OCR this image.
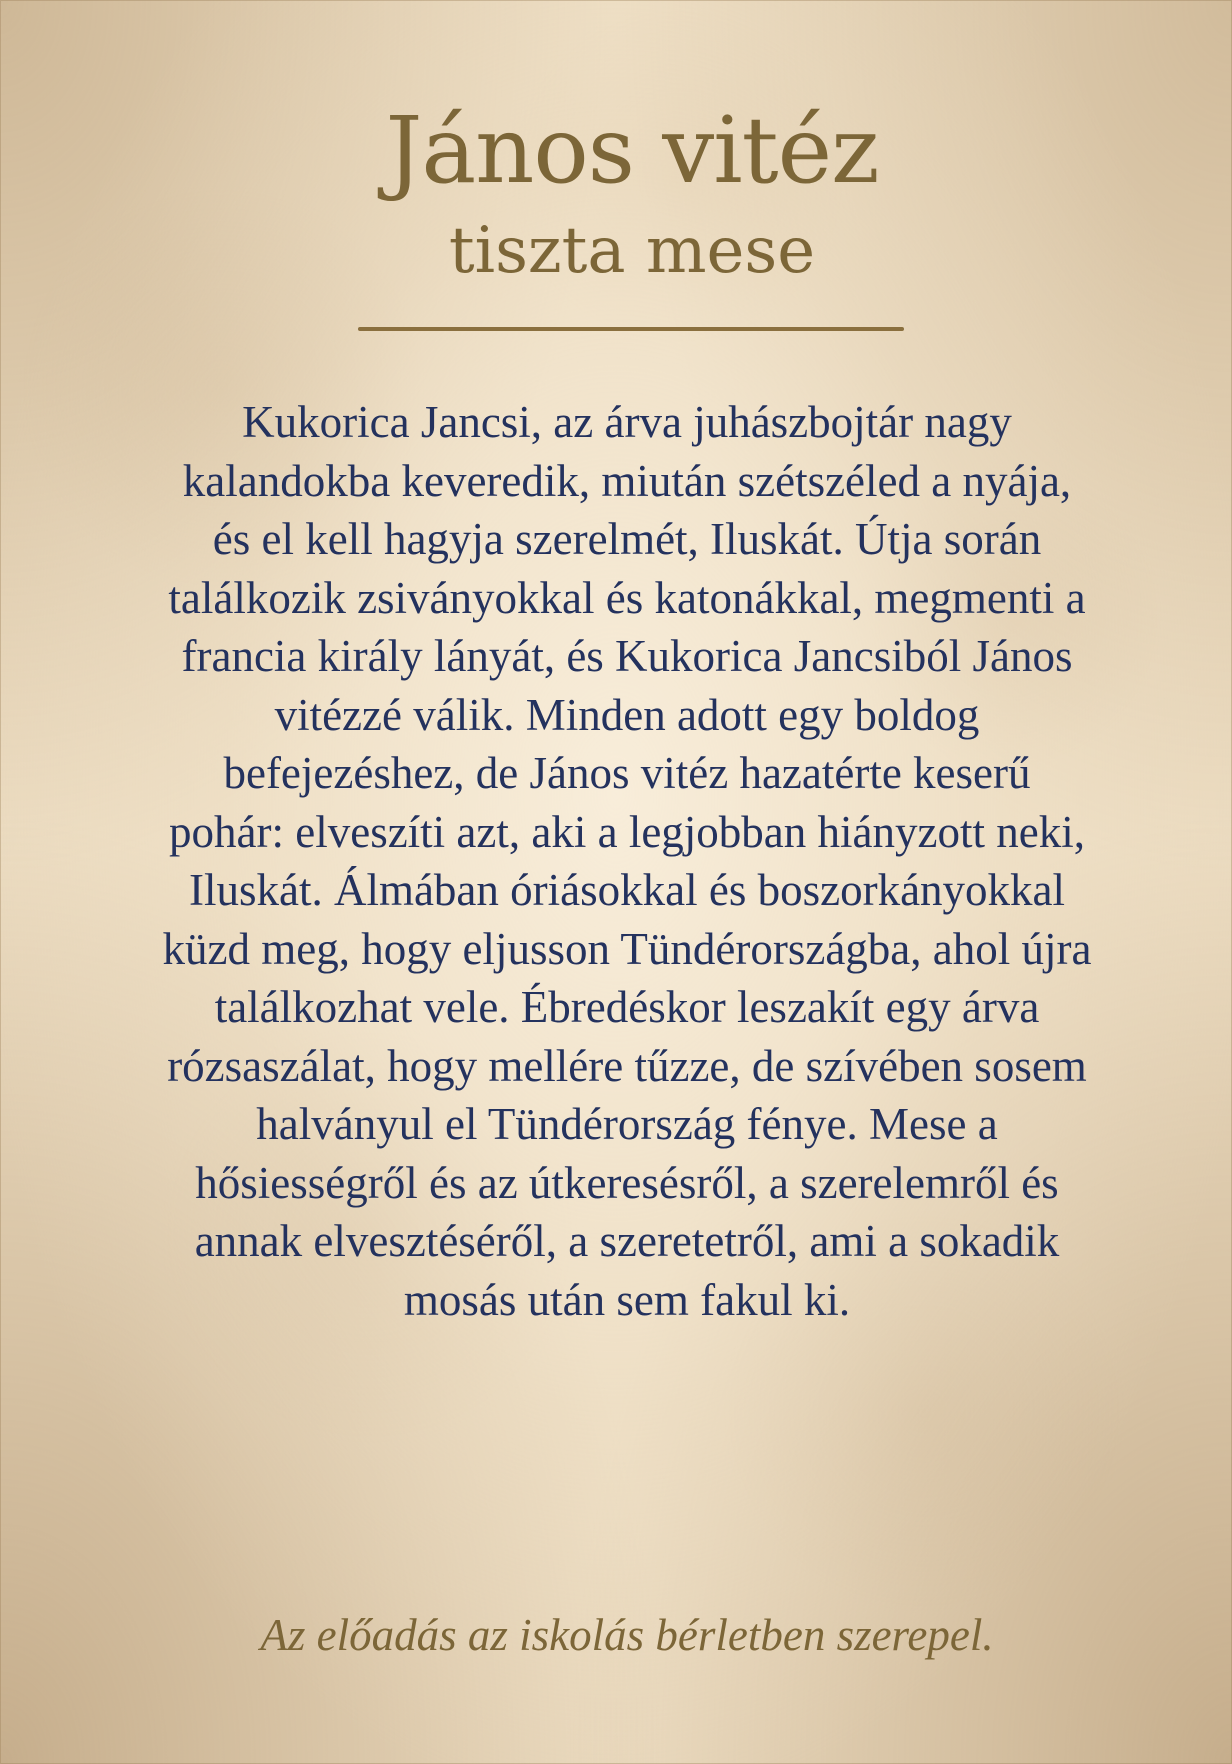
János vitéz
tiszta mese

Kukorica Jancsi, az árva juhászbojtár nagy kalandokba keveredik, miután szétszéled a nyája, és el kell hagyja szerelmét, Iluskát. Útja során találkozik zsiványokkal és katonákkal, megmenti a francia király lányát, és Kukorica Jancsiból János vitézzé válik. Minden adott egy boldog befejezéshez, de János vitéz hazatérte keserű pohár: elveszíti azt, aki a legjobban hiányzott neki, Iluskát. Álmában óriásokkal és boszorkányokkal küzd meg, hogy eljusson Tündérországba, ahol újra találkozhat vele. Ébredéskor leszakít egy árva rózsaszálat, hogy mellére tűzze, de szívében sosem halványul el Tündérország fénye. Mese a hősiességről és az útkeresésről, a szerelemről és annak elvesztéséről, a szeretetről, ami a sokadik mosás után sem fakul ki.

Az előadás az iskolás bérletben szerepel.
